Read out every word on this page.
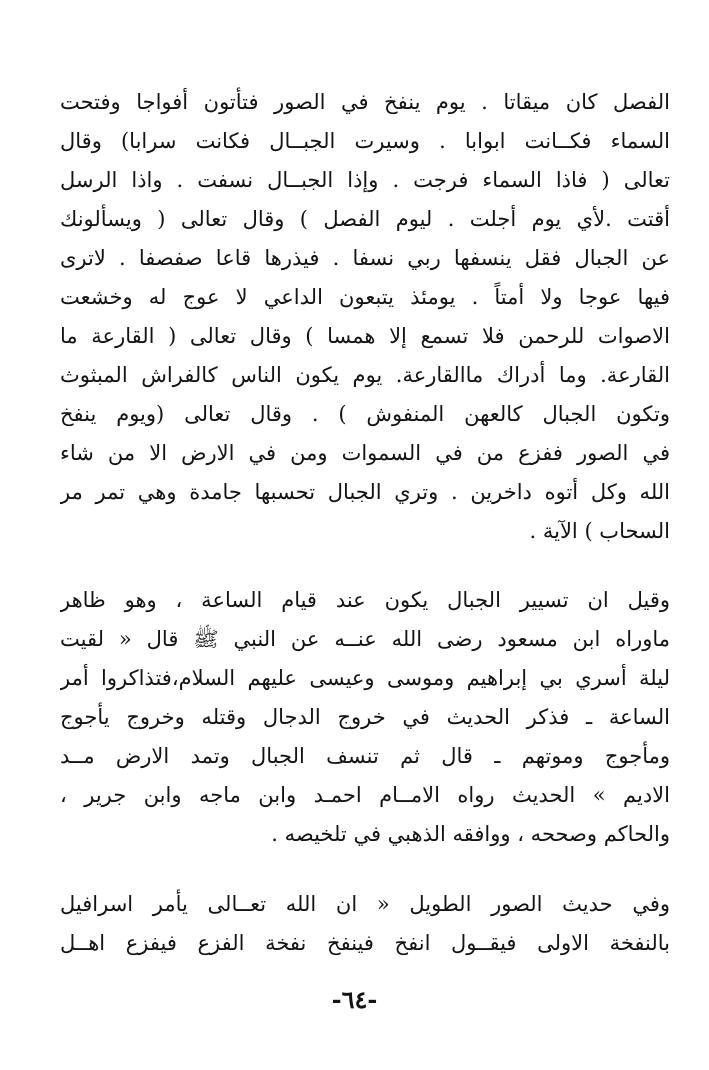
الفصل كان ميقاتا . يوم ينفخ في الصور فتأتون أفواجا وفتحت
السماء فكــانت ابوابا . وسيرت الجبــال فكانت سرابا) وقال
تعالى ( فاذا السماء فرجت . وإذا الجبــال نسفت . واذا الرسل
أقتت .لأي يوم أجلت . ليوم الفصل ) وقال تعالى ( ويسألونك
عن الجبال فقل ينسفها ربي نسفا . فيذرها قاعا صفصفا . لاترى
فيها عوجا ولا أمتاً . يومئذ يتبعون الداعي لا عوج له وخشعت
الاصوات للرحمن فلا تسمع إلا همسا ) وقال تعالى ( القارعة ما
القارعة. وما أدراك ماالقارعة. يوم يكون الناس كالفراش المبثوث
وتكون الجبال كالعهن المنفوش ) . وقال تعالى (ويوم ينفخ
في الصور ففزع من في السموات ومن في الارض الا من شاء
الله وكل أتوه داخرين . وتري الجبال تحسبها جامدة وهي تمر مر
السحاب ) الآية .
وقيل ان تسيير الجبال يكون عند قيام الساعة ، وهو ظاهر
ماوراه ابن مسعود رضى الله عنــه عن النبي ﷺ قال « لقيت
ليلة أسري بي إبراهيم وموسى وعيسى عليهم السلام،فتذاكروا أمر
الساعة ـ فذكر الحديث في خروج الدجال وقتله وخروج يأجوج
ومأجوج وموتهم ـ قال ثم تنسف الجبال وتمد الارض مــد
الاديم » الحديث رواه الامــام احمـد وابن ماجه وابن جرير ،
والحاكم وصححه ، ووافقه الذهبي في تلخيصه .
وفي حديث الصور الطويل « ان الله تعــالى يأمر اسرافيل
بالنفخة الاولى فيقــول انفخ فينفخ نفخة الفزع فيفزع اهــل
-٦٤-
